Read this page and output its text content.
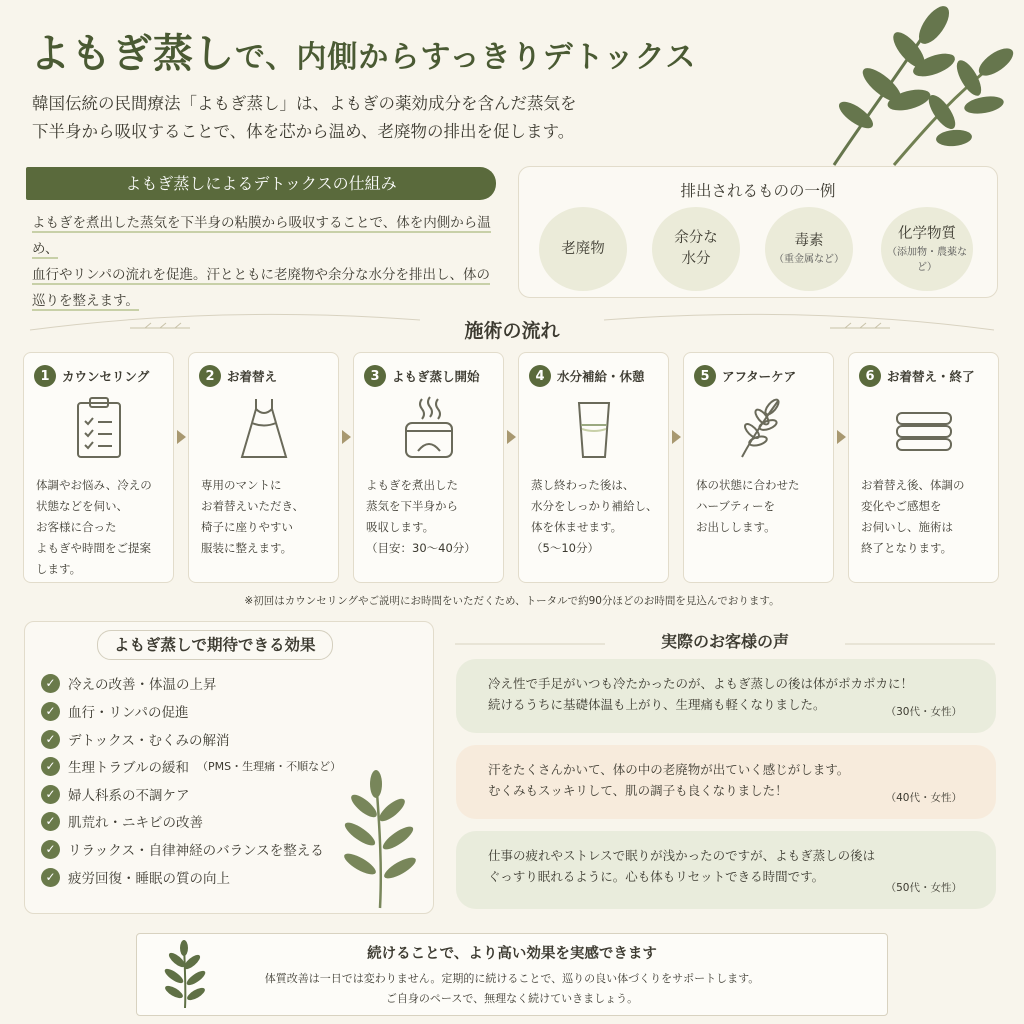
よもぎ蒸しで、内側からすっきりデトックス
韓国伝統の民間療法「よもぎ蒸し」は、よもぎの薬効成分を含んだ蒸気を
下半身から吸収することで、体を芯から温め、老廃物の排出を促します。
よもぎ蒸しによるデトックスの仕組み
よもぎを煮出した蒸気を下半身の粘膜から吸収することで、体を内側から温め、
血行やリンパの流れを促進。汗とともに老廃物や余分な水分を排出し、体の
巡りを整えます。
排出されるものの一例
老廃物
余分な
水分
毒素
（重金属など）
化学物質
（添加物・農薬など）
施術の流れ
1 カウンセリング
体調やお悩み、冷えの
状態などを伺い、
お客様に合った
よもぎや時間をご提案
します。
2 お着替え
専用のマントに
お着替えいただき、
椅子に座りやすい
服装に整えます。
3 よもぎ蒸し開始
よもぎを煮出した
蒸気を下半身から
吸収します。
（目安：30〜40分）
4 水分補給・休憩
蒸し終わった後は、
水分をしっかり補給し、
体を休ませます。
（5〜10分）
5 アフターケア
体の状態に合わせた
ハーブティーを
お出しします。
6 お着替え・終了
お着替え後、体調の
変化やご感想を
お伺いし、施術は
終了となります。
※初回はカウンセリングやご説明にお時間をいただくため、トータルで約90分ほどのお時間を見込んでおります。
よもぎ蒸しで期待できる効果
✓ 冷えの改善・体温の上昇
✓ 血行・リンパの促進
✓ デトックス・むくみの解消
✓ 生理トラブルの緩和 （PMS・生理痛・不順など）
✓ 婦人科系の不調ケア
✓ 肌荒れ・ニキビの改善
✓ リラックス・自律神経のバランスを整える
✓ 疲労回復・睡眠の質の向上
実際のお客様の声
冷え性で手足がいつも冷たかったのが、よもぎ蒸しの後は体がポカポカに！
続けるうちに基礎体温も上がり、生理痛も軽くなりました。	（30代・女性）
汗をたくさんかいて、体の中の老廃物が出ていく感じがします。
むくみもスッキリして、肌の調子も良くなりました！	（40代・女性）
仕事の疲れやストレスで眠りが浅かったのですが、よもぎ蒸しの後は
ぐっすり眠れるように。心も体もリセットできる時間です。
（50代・女性）
続けることで、より高い効果を実感できます
体質改善は一日では変わりません。定期的に続けることで、巡りの良い体づくりをサポートします。
ご自身のペースで、無理なく続けていきましょう。
